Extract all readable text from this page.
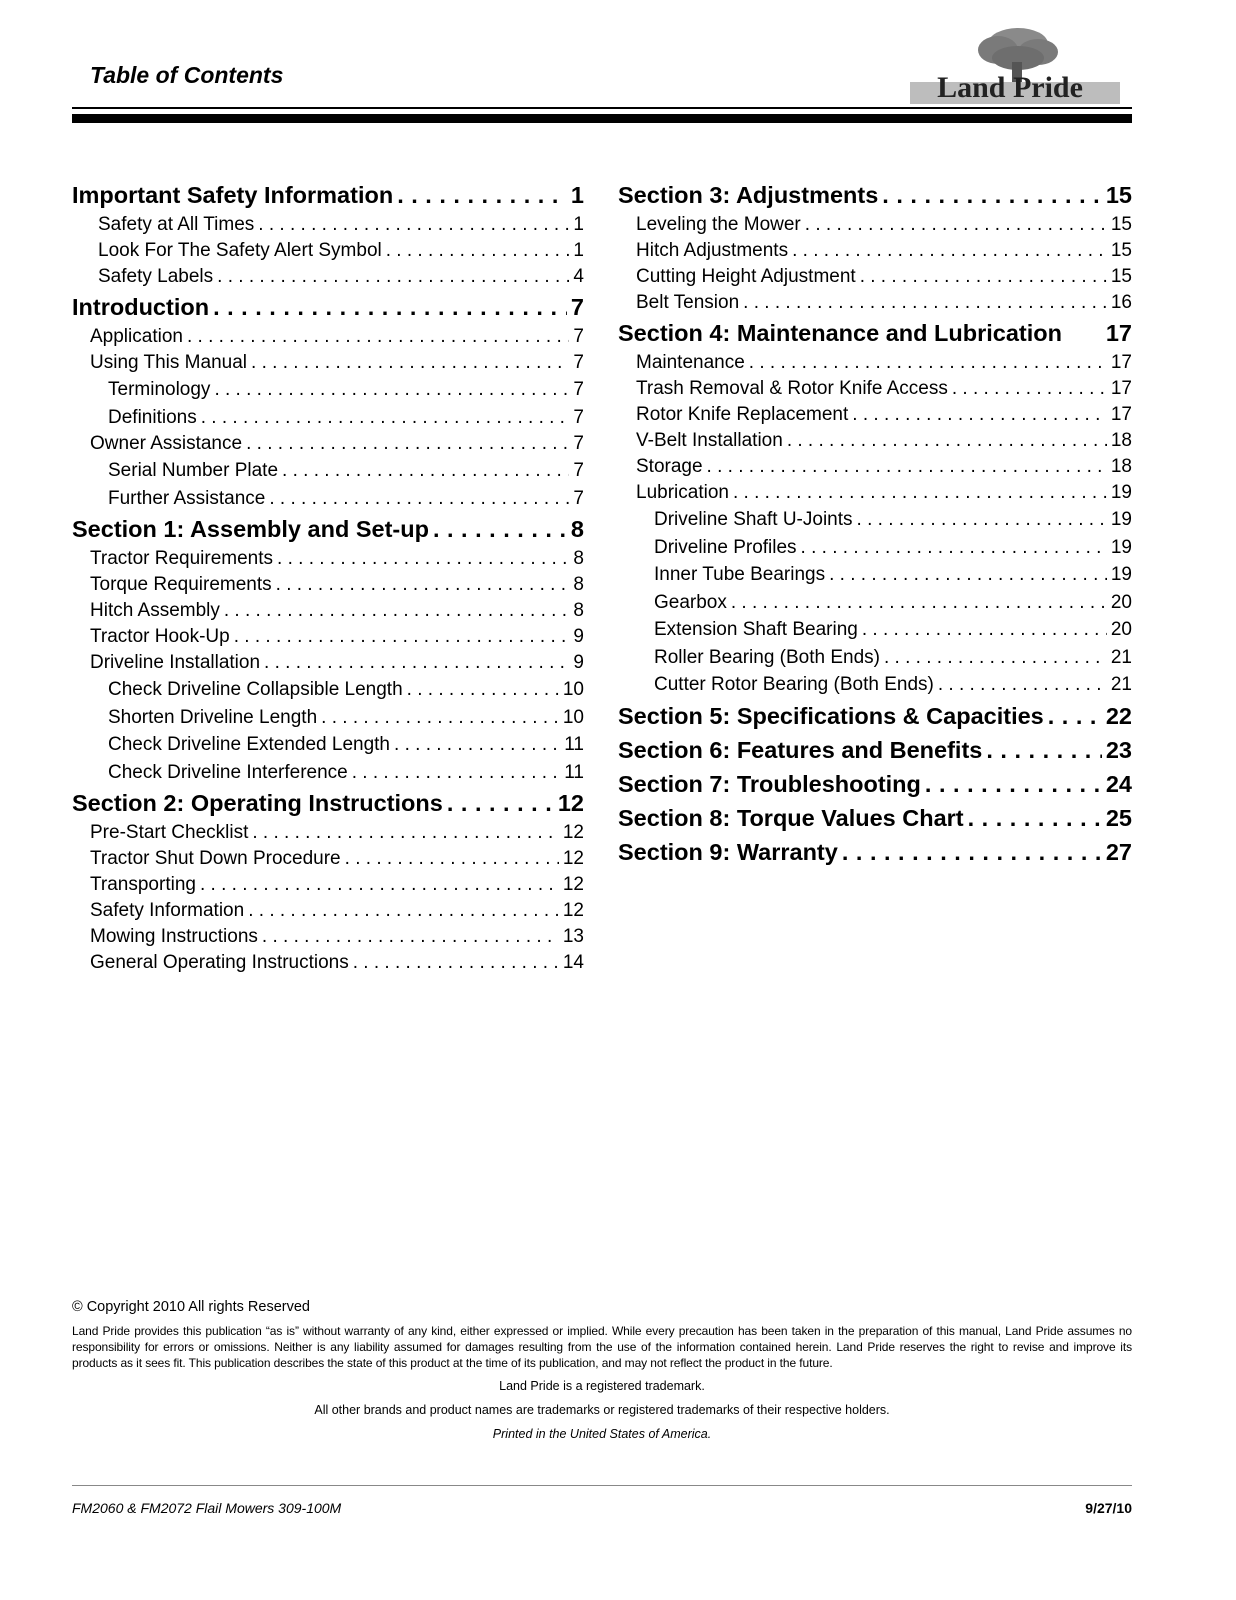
Table of Contents	Land Pride
Important Safety Information . . .	1
Safety at All Times . . .	1
Look For The Safety Alert Symbol . . .	1
Safety Labels . . .	4
Introduction . . .	7
Application . . .	7
Using This Manual . . .	7
Terminology . . .	7
Definitions . . .	7
Owner Assistance . . .	7
Serial Number Plate . . .	7
Further Assistance . . .	7
Section 1: Assembly and Set-up . . .	8
Tractor Requirements . . .	8
Torque Requirements . . .	8
Hitch Assembly . . .	8
Tractor Hook-Up . . .	9
Driveline Installation . . .	9
Check Driveline Collapsible Length . . .	10
Shorten Driveline Length . . .	10
Check Driveline Extended Length . . .	11
Check Driveline Interference . . .	11
Section 2: Operating Instructions . . .	12
Pre-Start Checklist . . .	12
Tractor Shut Down Procedure . . .	12
Transporting . . .	12
Safety Information . . .	12
Mowing Instructions . . .	13
General Operating Instructions . . .	14
Section 3: Adjustments . . .	15
Leveling the Mower . . .	15
Hitch Adjustments . . .	15
Cutting Height Adjustment . . .	15
Belt Tension . . .	16
Section 4: Maintenance and Lubrication 17
Maintenance . . .	17
Trash Removal & Rotor Knife Access . . .	17
Rotor Knife Replacement . . .	17
V-Belt Installation . . .	18
Storage . . .	18
Lubrication . . .	19
Driveline Shaft U-Joints . . .	19
Driveline Profiles . . .	19
Inner Tube Bearings . . .	19
Gearbox . . .	20
Extension Shaft Bearing . . .	20
Roller Bearing (Both Ends) . . .	21
Cutter Rotor Bearing (Both Ends) . . .	21
Section 5: Specifications & Capacities . . .	22
Section 6: Features and Benefits . . .	23
Section 7: Troubleshooting . . .	24
Section 8: Torque Values Chart . . .	25
Section 9: Warranty . . .	27
© Copyright 2010 All rights Reserved
Land Pride provides this publication “as is” without warranty of any kind, either expressed or implied. While every precaution has been taken in the preparation of this manual, Land Pride assumes no responsibility for errors or omissions. Neither is any liability assumed for damages resulting from the use of the information contained herein. Land Pride reserves the right to revise and improve its products as it sees fit. This publication describes the state of this product at the time of its publication, and may not reflect the product in the future.
Land Pride is a registered trademark.
All other brands and product names are trademarks or registered trademarks of their respective holders.
Printed in the United States of America.
FM2060 & FM2072 Flail Mowers 309-100M	9/27/10
